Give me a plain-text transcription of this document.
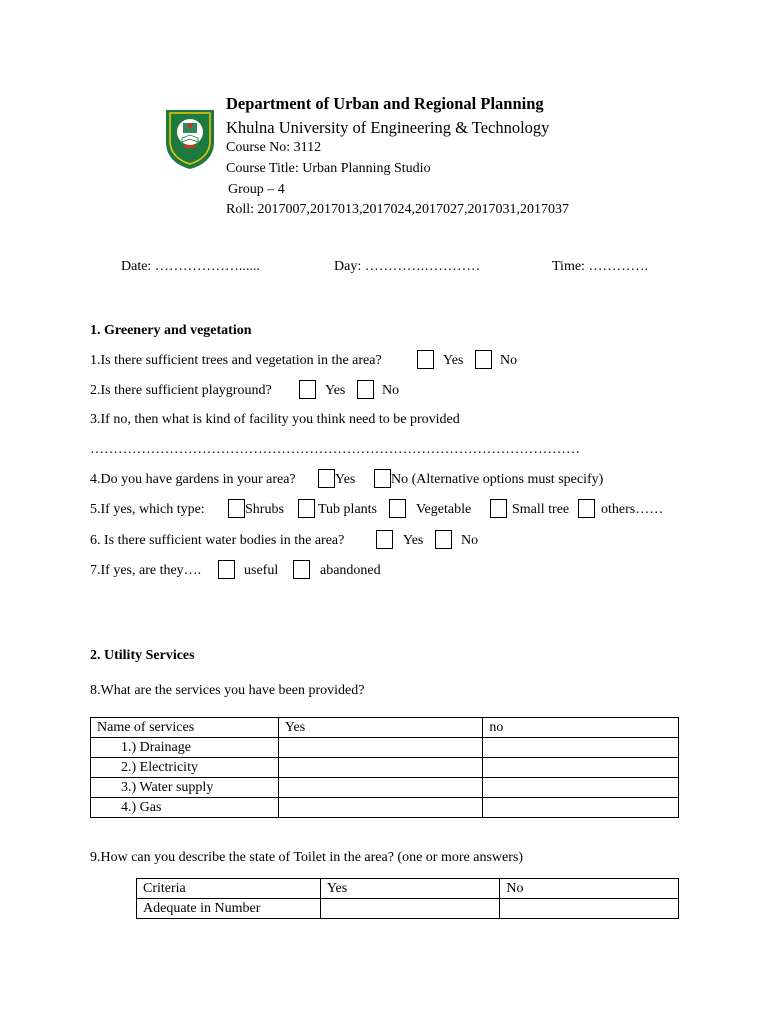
Department of Urban and Regional Planning
Khulna University of Engineering & Technology
Course No: 3112
Course Title: Urban Planning Studio
Group – 4
Roll: 2017007,2017013,2017024,2017027,2017031,2017037
Date: ………………......	Day: ………….…………	Time: ………….
1. Greenery and vegetation
1.Is there sufficient trees and vegetation in the area?	Yes	No
2.Is there sufficient playground?	Yes	No
3.If no, then what is kind of facility you think need to be provided
……………………………………………………………………………………………
4.Do you have gardens in your area?	Yes	No (Alternative options must specify)
5.If yes, which type:	Shrubs Tub plants	Vegetable	Small tree others……
6. Is there sufficient water bodies in the area?	Yes	No
7.If yes, are they….	useful	abandoned
2. Utility Services
8.What are the services you have been provided?
Name of services	Yes	no
1.) Drainage		
2.) Electricity		
3.) Water supply		
4.) Gas		
9.How can you describe the state of Toilet in the area? (one or more answers)
Criteria	Yes	No
Adequate in Number		
